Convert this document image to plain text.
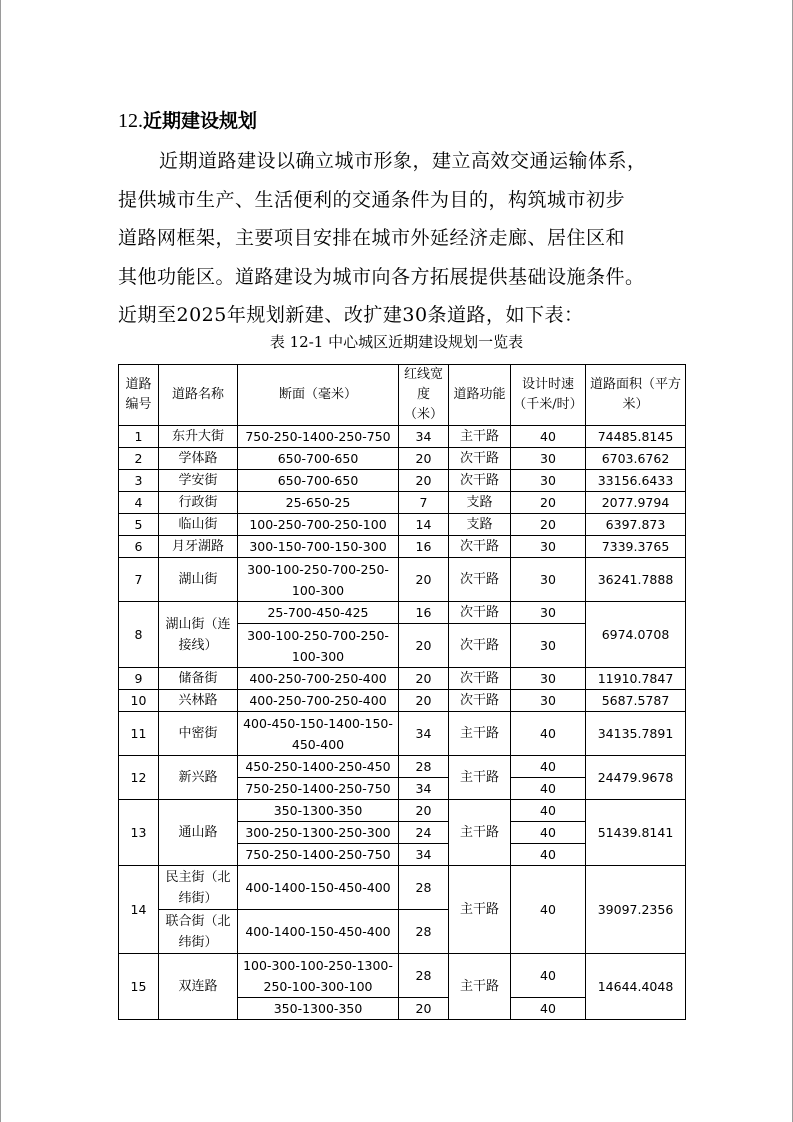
12.近期建设规划
近期道路建设以确立城市形象，建立高效交通运输体系，
提供城市生产、生活便利的交通条件为目的，构筑城市初步
道路网框架，主要项目安排在城市外延经济走廊、居住区和
其他功能区。道路建设为城市向各方拓展提供基础设施条件。
近期至2025年规划新建、改扩建30条道路，如下表：
表 12-1 中心城区近期建设规划一览表
道路编号	道路名称	断面（毫米）	红线宽度（米）	道路功能	设计时速（千米/时）	道路面积（平方米）
1	东升大街	750-250-1400-250-750	34	主干路	40	74485.8145
2	学体路	650-700-650	20	次干路	30	6703.6762
3	学安街	650-700-650	20	次干路	30	33156.6433
4	行政街	25-650-25	7	支路	20	2077.9794
5	临山街	100-250-700-250-100	14	支路	20	6397.873
6	月牙湖路	300-150-700-150-300	16	次干路	30	7339.3765
7	湖山街	300-100-250-700-250-100-300	20	次干路	30	36241.7888
8	湖山街（连接线）	25-700-450-425	16	次干路	30	6974.0708
		300-100-250-700-250-100-300	20	次干路	30	
9	储备街	400-250-700-250-400	20	次干路	30	11910.7847
10	兴林路	400-250-700-250-400	20	次干路	30	5687.5787
11	中密街	400-450-150-1400-150-450-400	34	主干路	40	34135.7891
12	新兴路	450-250-1400-250-450	28	主干路	40	24479.9678
		750-250-1400-250-750	34		40	
13	通山路	350-1300-350	20	主干路	40	51439.8141
		300-250-1300-250-300	24		40	
		750-250-1400-250-750	34		40	
14	民主街（北纬街）	400-1400-150-450-400	28	主干路	40	39097.2356
	联合街（北纬街）	400-1400-150-450-400	28			
15	双连路	100-300-100-250-1300-250-100-300-100	28	主干路	40	14644.4048
		350-1300-350	20		40	
